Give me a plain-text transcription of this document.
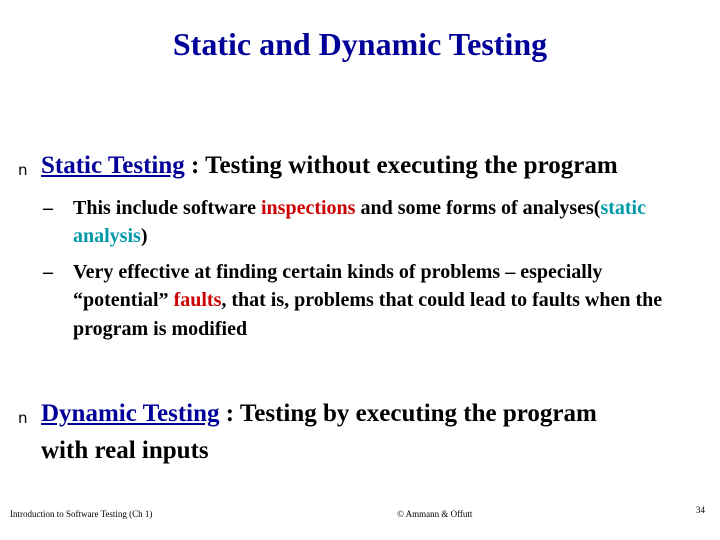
Static and Dynamic Testing
n Static Testing : Testing without executing the program
–	This include software inspections and some forms of analyses(static analysis)
–	Very effective at finding certain kinds of problems – especially “potential” faults, that is, problems that could lead to faults when the program is modified
n Dynamic Testing : Testing by executing the program
with real inputs
Introduction to Software Testing (Ch 1)	© Ammann & Offutt	34
